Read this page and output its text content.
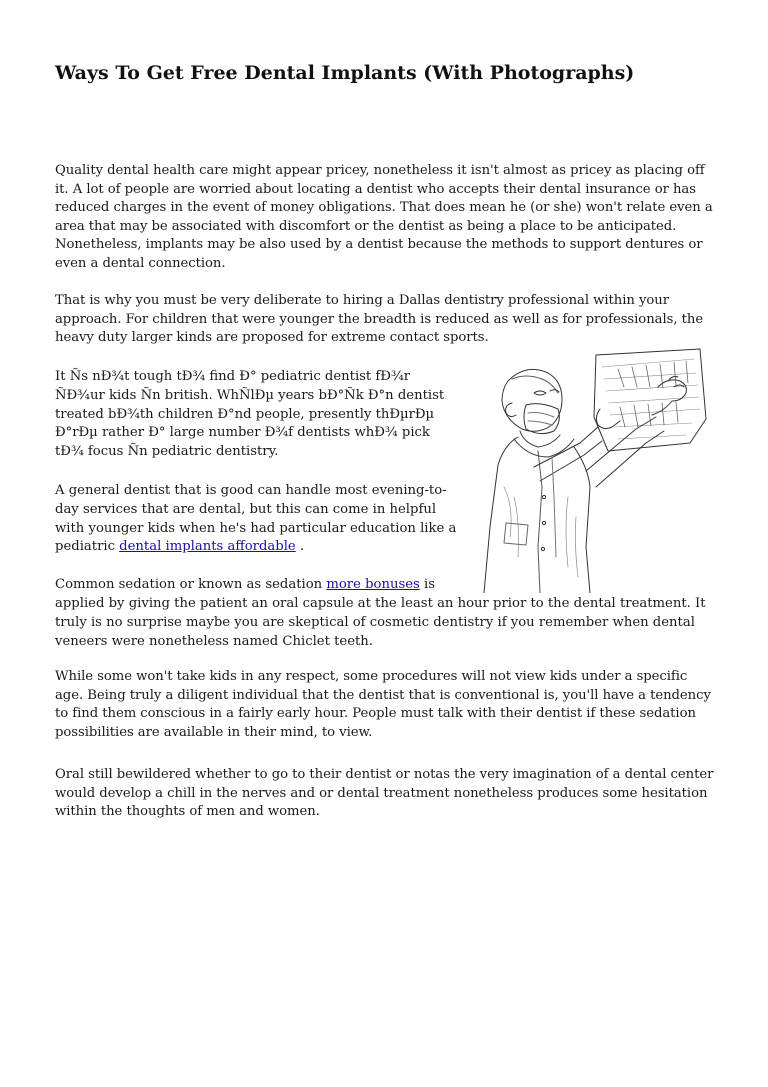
Ways To Get Free Dental Implants (With Photographs)

Quality dental health care might appear pricey, nonetheless it isn't almost as pricey as placing off it. A lot of people are worried about locating a dentist who accepts their dental insurance or has reduced charges in the event of money obligations. That does mean he (or she) won't relate even a area that may be associated with discomfort or the dentist as being a place to be anticipated. Nonetheless, implants may be also used by a dentist because the methods to support dentures or even a dental connection.

That is why you must be very deliberate to hiring a Dallas dentistry professional within your approach. For children that were younger the breadth is reduced as well as for professionals, the heavy duty larger kinds are proposed for extreme contact sports.

It Ñs nÐ¾t tough tÐ¾ find Ð° pediatric dentist fÐ¾r ÑÐ¾ur kids Ñn british. WhÑlÐµ years bÐ°Ñk Ð°n dentist treated bÐ¾th children Ð°nd people, presently thÐµrÐµ Ð°rÐµ rather Ð° large number Ð¾f dentists whÐ¾ pick tÐ¾ focus Ñn pediatric dentistry.

A general dentist that is good can handle most evening-to-day services that are dental, but this can come in helpful with younger kids when he's had particular education like a pediatric dental implants affordable .

Common sedation or known as sedation more bonuses is

applied by giving the patient an oral capsule at the least an hour prior to the dental treatment. It truly is no surprise maybe you are skeptical of cosmetic dentistry if you remember when dental veneers were nonetheless named Chiclet teeth.

While some won't take kids in any respect, some procedures will not view kids under a specific age. Being truly a diligent individual that the dentist that is conventional is, you'll have a tendency to find them conscious in a fairly early hour. People must talk with their dentist if these sedation possibilities are available in their mind, to view.

Oral still bewildered whether to go to their dentist or notas the very imagination of a dental center would develop a chill in the nerves and or dental treatment nonetheless produces some hesitation within the thoughts of men and women.
